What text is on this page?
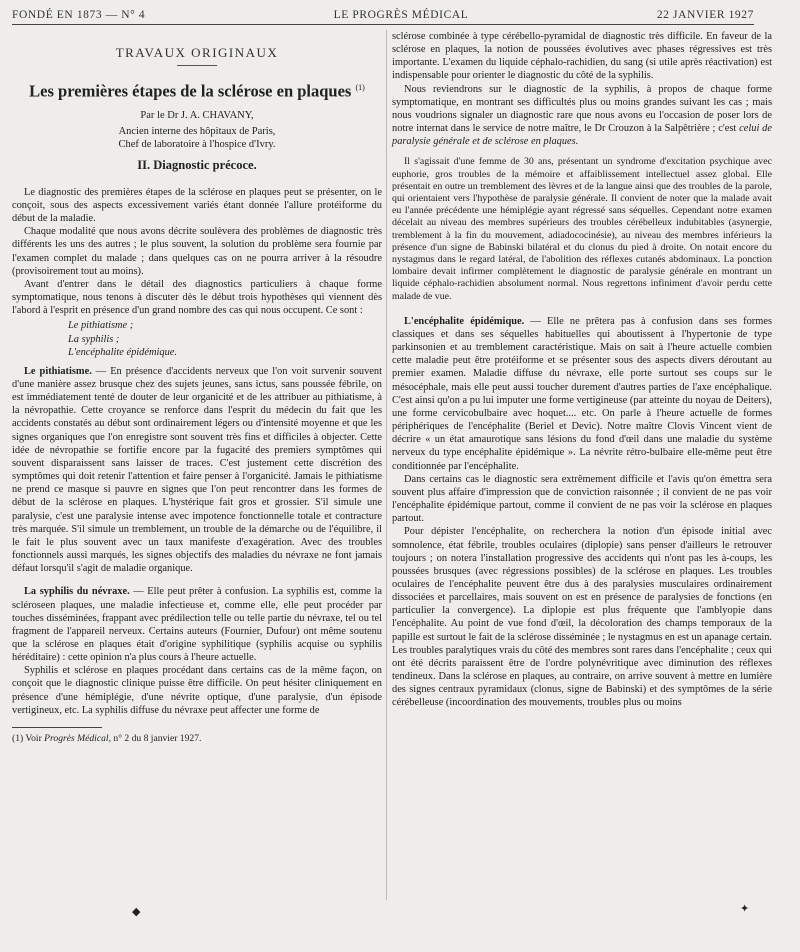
FONDÉ EN 1873 — N° 4	LE PROGRÈS MÉDICAL	22 JANVIER 1927
TRAVAUX ORIGINAUX
Les premières étapes de la sclérose en plaques $^{(1)}$
Par le Dr J. A. CHAVANY,
Ancien interne des hôpitaux de Paris,
Chef de laboratoire à l'hospice d'Ivry.
II. Diagnostic précoce.

Le diagnostic des premières étapes de la sclérose en plaques peut se présenter, on le conçoit, sous des aspects excessivement variés étant donnée l'allure protéiforme du début de la maladie.

Chaque modalité que nous avons décrite soulèvera des problèmes de diagnostic très différents les uns des autres ; le plus souvent, la solution du problème sera fournie par l'examen complet du malade ; dans quelques cas on ne pourra arriver à la résoudre (provisoirement tout au moins).

Avant d'entrer dans le détail des diagnostics particuliers à chaque forme symptomatique, nous tenons à discuter dès le début trois hypothèses qui viennent dès l'abord à l'esprit en présence d'un grand nombre des cas qui nous occupent. Ce sont :

Le pithiatisme ;
La syphilis ;
L'encéphalite épidémique.

Le pithiatisme. — En présence d'accidents nerveux que l'on voit survenir souvent d'une manière assez brusque chez des sujets jeunes, sans ictus, sans poussée fébrile, on est immédiatement tenté de douter de leur organicité et de les attribuer au pithiatisme, à la névropathie. Cette croyance se renforce dans l'esprit du médecin du fait que les accidents constatés au début sont ordinairement légers ou d'intensité moyenne et que les signes organiques que l'on enregistre sont souvent très fins et difficiles à objecter. Cette idée de névropathie se fortifie encore par la fugacité des premiers symptômes qui souvent disparaissent sans laisser de traces. C'est justement cette discrétion des symptômes qui doit retenir l'attention et faire penser à l'organicité. Jamais le pithiatisme ne prend ce masque si pauvre en signes que l'on peut rencontrer dans les formes de début de la sclérose en plaques. L'hystérique fait gros et grossier. S'il simule une paralysie, c'est une paralysie intense avec impotence fonctionnelle totale et contracture très marquée. S'il simule un tremblement, un trouble de la démarche ou de l'équilibre, il le fait le plus souvent avec un taux manifeste d'exagération. Avec des troubles fonctionnels aussi marqués, les signes objectifs des maladies du névraxe ne font jamais défaut lorsqu'il s'agit de maladie organique.

La syphilis du névraxe. — Elle peut prêter à confusion. La syphilis est, comme la scléroseen plaques, une maladie infectieuse et, comme elle, elle peut procéder par touches disséminées, frappant avec prédilection telle ou telle partie du névraxe, tel ou tel fragment de l'appareil nerveux. Certains auteurs (Fournier, Dufour) ont même soutenu que la sclérose en plaques était d'origine syphilitique (syphilis acquise ou syphilis héréditaire) : cette opinion n'a plus cours à l'heure actuelle.

Syphilis et sclérose en plaques procédant dans certains cas de la même façon, on conçoit que le diagnostic clinique puisse être difficile. On peut hésiter cliniquement en présence d'une hémiplégie, d'une névrite optique, d'une paralysie, d'un épisode vertigineux, etc. La syphilis diffuse du névraxe peut affecter une forme de

(1) Voir Progrès Médical, n° 2 du 8 janvier 1927.

sclérose combinée à type cérébello-pyramidal de diagnostic très difficile. En faveur de la sclérose en plaques, la notion de poussées évolutives avec phases régressives est très importante. L'examen du liquide céphalo-rachidien, du sang (si utile après réactivation) est indispensable pour orienter le diagnostic du côté de la syphilis.

Nous reviendrons sur le diagnostic de la syphilis, à propos de chaque forme symptomatique, en montrant ses difficultés plus ou moins grandes suivant les cas ; mais nous voudrions signaler un diagnostic rare que nous avons eu l'occasion de poser lors de notre internat dans le service de notre maître, le Dr Crouzon à la Salpêtrière ; c'est celui de paralysie générale et de sclérose en plaques.

Il s'agissait d'une femme de 30 ans, présentant un syndrome d'excitation psychique avec euphorie, gros troubles de la mémoire et affaiblissement intellectuel assez global. Elle présentait en outre un tremblement des lèvres et de la langue ainsi que des troubles de la parole, qui orientaient vers l'hypothèse de paralysie générale. Il convient de noter que la malade avait eu l'année précédente une hémiplégie ayant régressé sans séquelles. Cependant notre examen décelait au niveau des membres supérieurs des troubles cérébelleux indubitables (asynergie, tremblement à la fin du mouvement, adiadococinésie), au niveau des membres inférieurs la présence d'un signe de Babinski bilatéral et du clonus du pied à droite. On notait encore du nystagmus dans le regard latéral, de l'abolition des réflexes cutanés abdominaux. La ponction lombaire devait infirmer complètement le diagnostic de paralysie générale en montrant un liquide céphalo-rachidien absolument normal. Nous regrettons infiniment d'avoir perdu cette malade de vue.

L'encéphalite épidémique. — Elle ne prêtera pas à confusion dans ses formes classiques et dans ses séquelles habituelles qui aboutissent à l'hypertonie de type parkinsonien et au tremblement caractéristique. Mais on sait à l'heure actuelle combien cette maladie peut être protéiforme et se présenter sous des aspects divers déroutant au premier examen. Maladie diffuse du névraxe, elle porte surtout ses coups sur le mésocéphale, mais elle peut aussi toucher durement d'autres parties de l'axe encéphalique. C'est ainsi qu'on a pu lui imputer une forme vertigineuse (par atteinte du noyau de Deiters), une forme cervicobulbaire avec hoquet.... etc. On parle à l'heure actuelle de formes périphériques de l'encéphalite (Beriel et Devic). Notre maître Clovis Vincent vient de décrire « un état amaurotique sans lésions du fond d'œil dans une maladie du système nerveux du type encéphalite épidémique ». La névrite rétro-bulbaire elle-même peut être conditionnée par l'encéphalite.

Dans certains cas le diagnostic sera extrêmement difficile et l'avis qu'on émettra sera souvent plus affaire d'impression que de conviction raisonnée ; il convient de ne pas voir l'encéphalite épidémique partout, comme il convient de ne pas voir la sclérose en plaques partout.

Pour dépister l'encéphalite, on recherchera la notion d'un épisode initial avec somnolence, état fébrile, troubles oculaires (diplopie) sans penser d'ailleurs le retrouver toujours ; on notera l'installation progressive des accidents qui n'ont pas les à-coups, les poussées brusques (avec régressions possibles) de la sclérose en plaques. Les troubles oculaires de l'encéphalite peuvent être dus à des paralysies musculaires ordinairement dissociées et parcellaires, mais souvent on est en présence de paralysies de fonctions (en particulier la convergence). La diplopie est plus fréquente que l'amblyopie dans l'encéphalite. Au point de vue fond d'œil, la décoloration des champs temporaux de la papille est surtout le fait de la sclérose disséminée ; le nystagmus en est un apanage certain. Les troubles paralytiques vrais du côté des membres sont rares dans l'encéphalite ; ceux qui ont été décrits paraissent être de l'ordre polynévritique avec diminution des réflexes tendineux. Dans la sclérose en plaques, au contraire, on arrive souvent à mettre en lumière des signes centraux pyramidaux (clonus, signe de Babinski) et des symptômes de la série cérébelleuse (incoordination des mouvements, troubles plus ou moins

◆	✦
